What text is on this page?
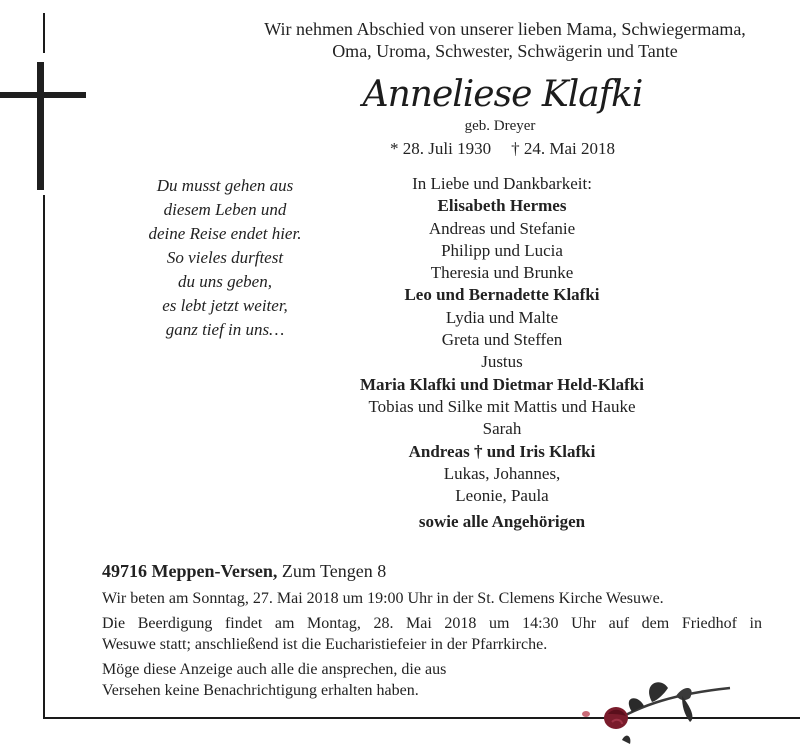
Wir nehmen Abschied von unserer lieben Mama, Schwiegermama,
Oma, Uroma, Schwester, Schwägerin und Tante
Anneliese Klafki
geb. Dreyer
* 28. Juli 1930 † 24. Mai 2018
Du musst gehen aus
diesem Leben und
deine Reise endet hier.
So vieles durftest
du uns geben,
es lebt jetzt weiter,
ganz tief in uns…
In Liebe und Dankbarkeit:
Elisabeth Hermes
Andreas und Stefanie
Philipp und Lucia
Theresia und Brunke
Leo und Bernadette Klafki
Lydia und Malte
Greta und Steffen
Justus
Maria Klafki und Dietmar Held-Klafki
Tobias und Silke mit Mattis und Hauke
Sarah
Andreas † und Iris Klafki
Lukas, Johannes,
Leonie, Paula
sowie alle Angehörigen
49716 Meppen-Versen, Zum Tengen 8
Wir beten am Sonntag, 27. Mai 2018 um 19:00 Uhr in der St. Clemens Kirche Wesuwe.
Die Beerdigung findet am Montag, 28. Mai 2018 um 14:30 Uhr auf dem Friedhof in
Wesuwe statt; anschließend ist die Eucharistiefeier in der Pfarrkirche.
Möge diese Anzeige auch alle die ansprechen, die aus
Versehen keine Benachrichtigung erhalten haben.
